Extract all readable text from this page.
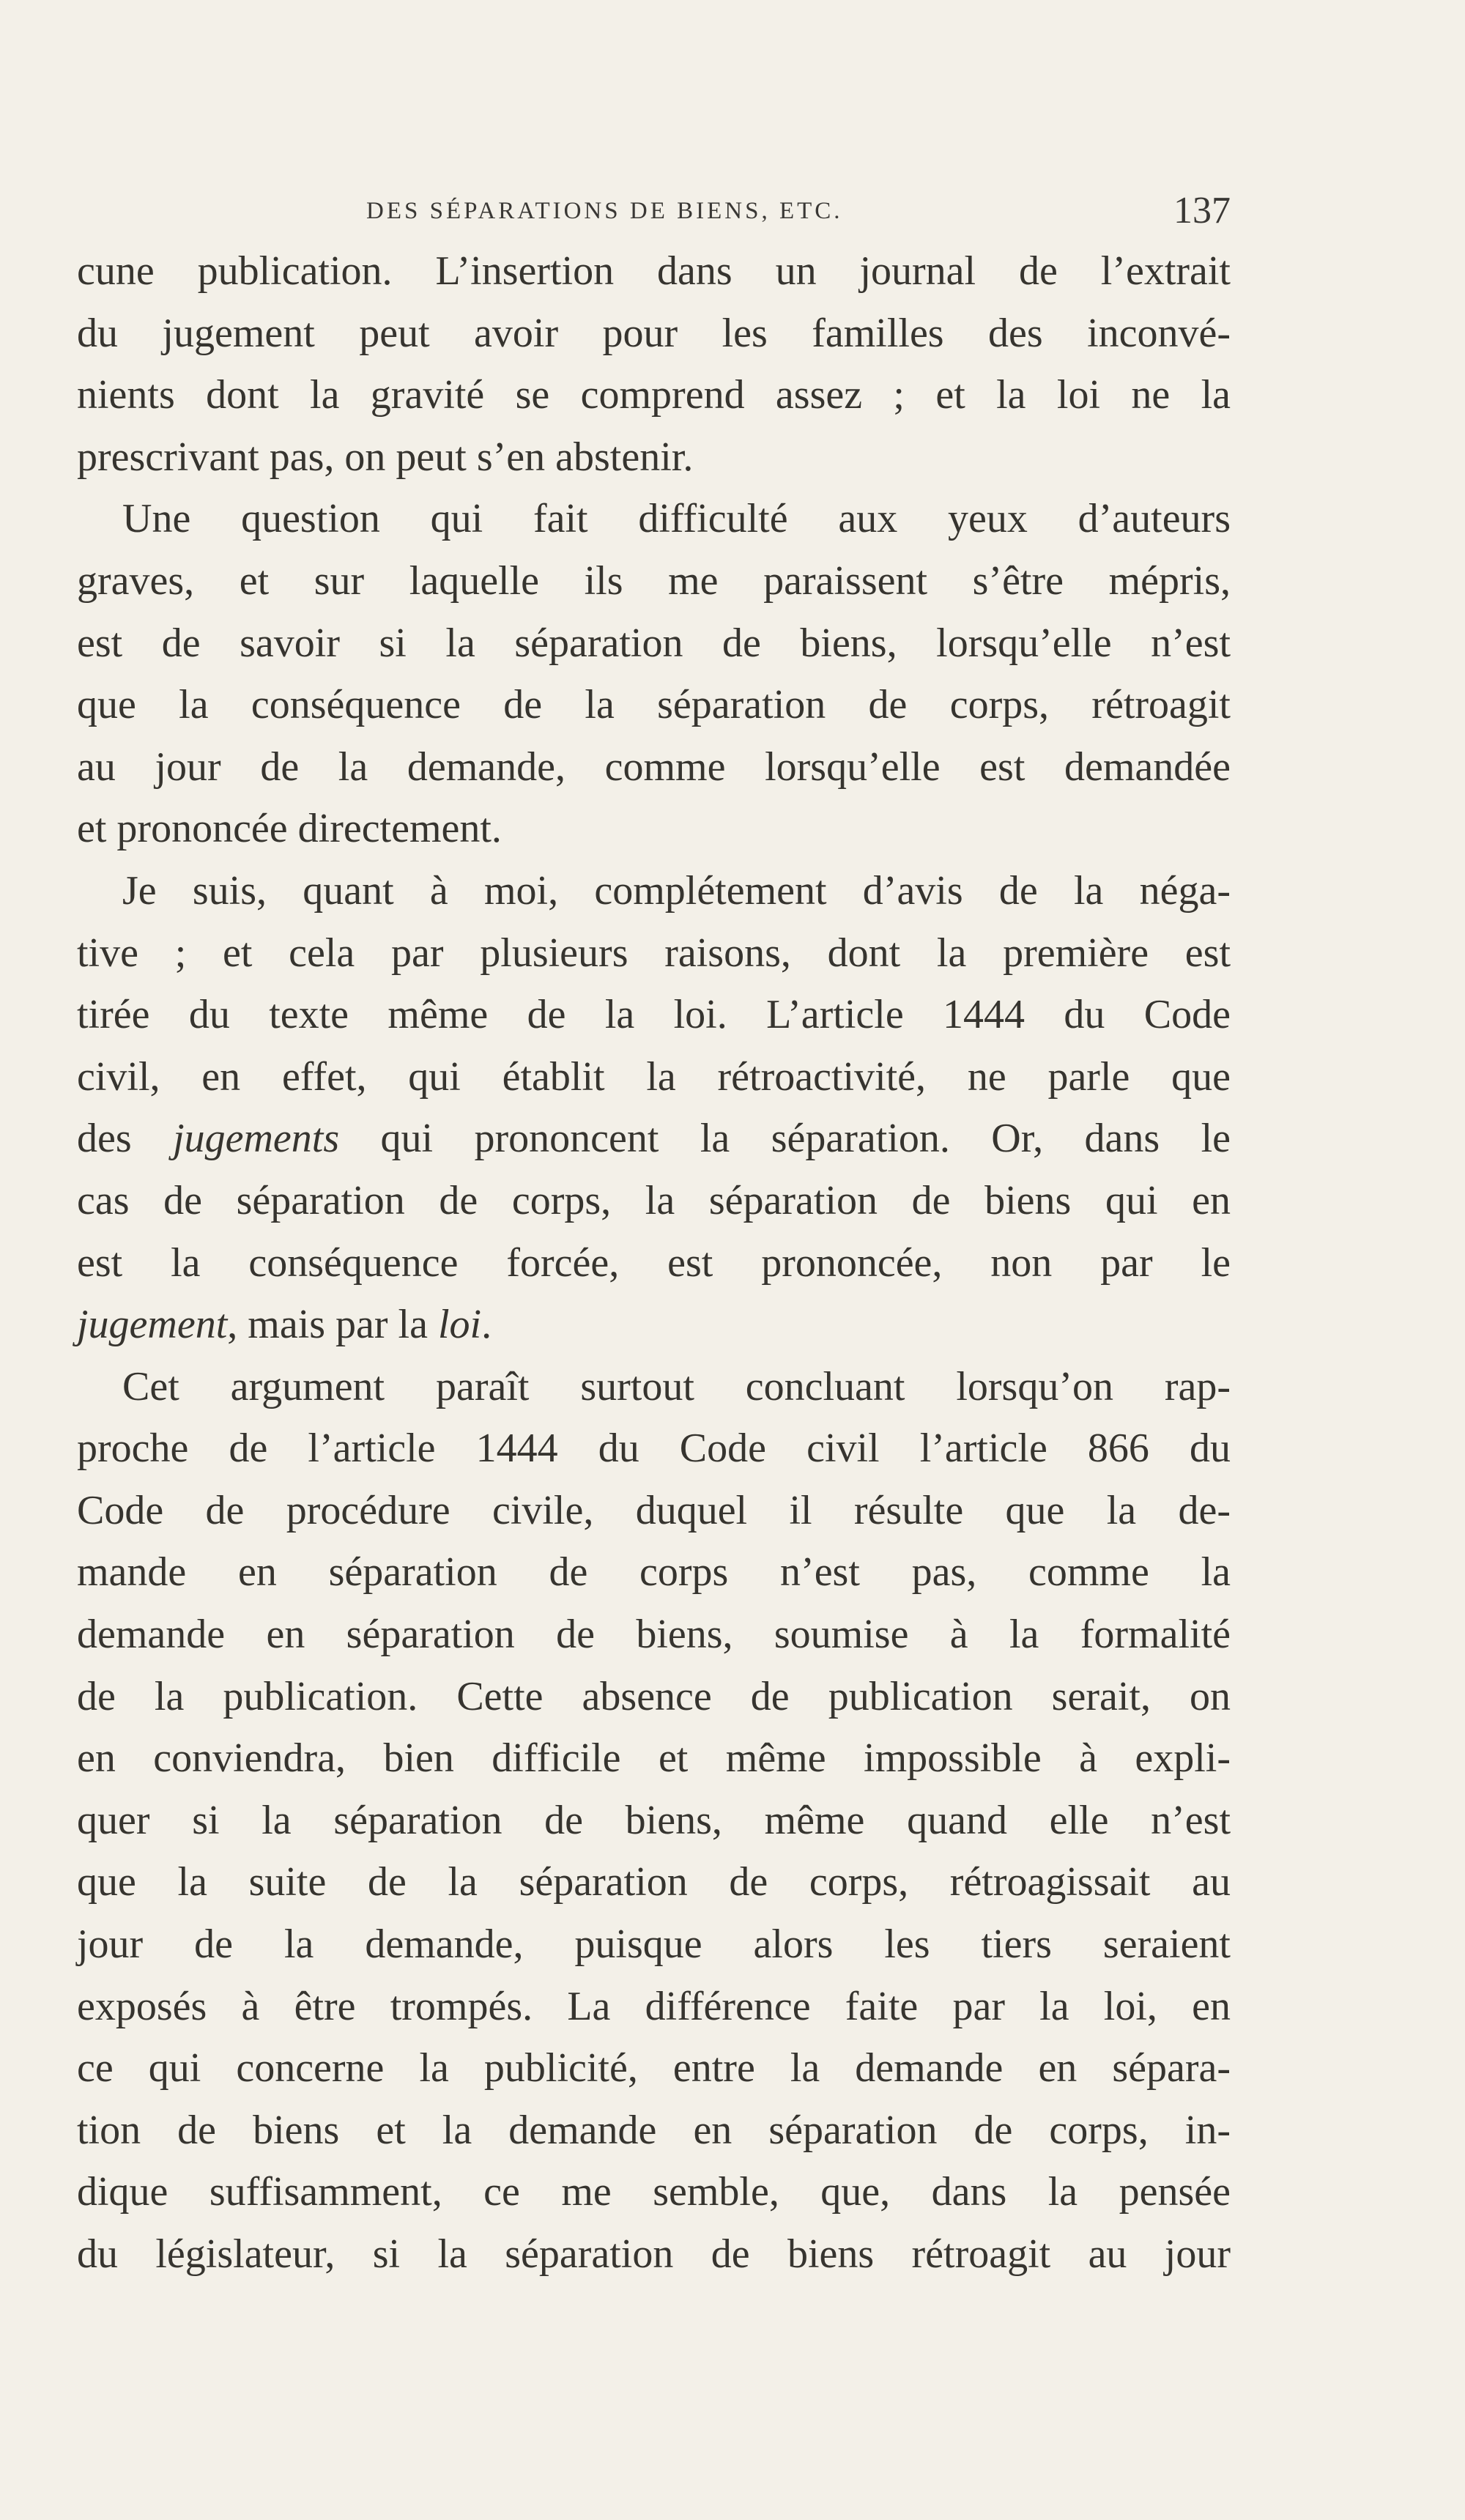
DES SÉPARATIONS DE BIENS, ETC.	137
cune publication. L’insertion dans un journal de l’extrait
du jugement peut avoir pour les familles des inconvé-
nients dont la gravité se comprend assez ; et la loi ne la
prescrivant pas, on peut s’en abstenir.
Une question qui fait difficulté aux yeux d’auteurs
graves, et sur laquelle ils me paraissent s’être mépris,
est de savoir si la séparation de biens, lorsqu’elle n’est
que la conséquence de la séparation de corps, rétroagit
au jour de la demande, comme lorsqu’elle est demandée
et prononcée directement.
Je suis, quant à moi, complétement d’avis de la néga-
tive ; et cela par plusieurs raisons, dont la première est
tirée du texte même de la loi. L’article 1444 du Code
civil, en effet, qui établit la rétroactivité, ne parle que
des jugements qui prononcent la séparation. Or, dans le
cas de séparation de corps, la séparation de biens qui en
est la conséquence forcée, est prononcée, non par le
jugement, mais par la loi.
Cet argument paraît surtout concluant lorsqu’on rap-
proche de l’article 1444 du Code civil l’article 866 du
Code de procédure civile, duquel il résulte que la de-
mande en séparation de corps n’est pas, comme la
demande en séparation de biens, soumise à la formalité
de la publication. Cette absence de publication serait, on
en conviendra, bien difficile et même impossible à expli-
quer si la séparation de biens, même quand elle n’est
que la suite de la séparation de corps, rétroagissait au
jour de la demande, puisque alors les tiers seraient
exposés à être trompés. La différence faite par la loi, en
ce qui concerne la publicité, entre la demande en sépara-
tion de biens et la demande en séparation de corps, in-
dique suffisamment, ce me semble, que, dans la pensée
du législateur, si la séparation de biens rétroagit au jour
